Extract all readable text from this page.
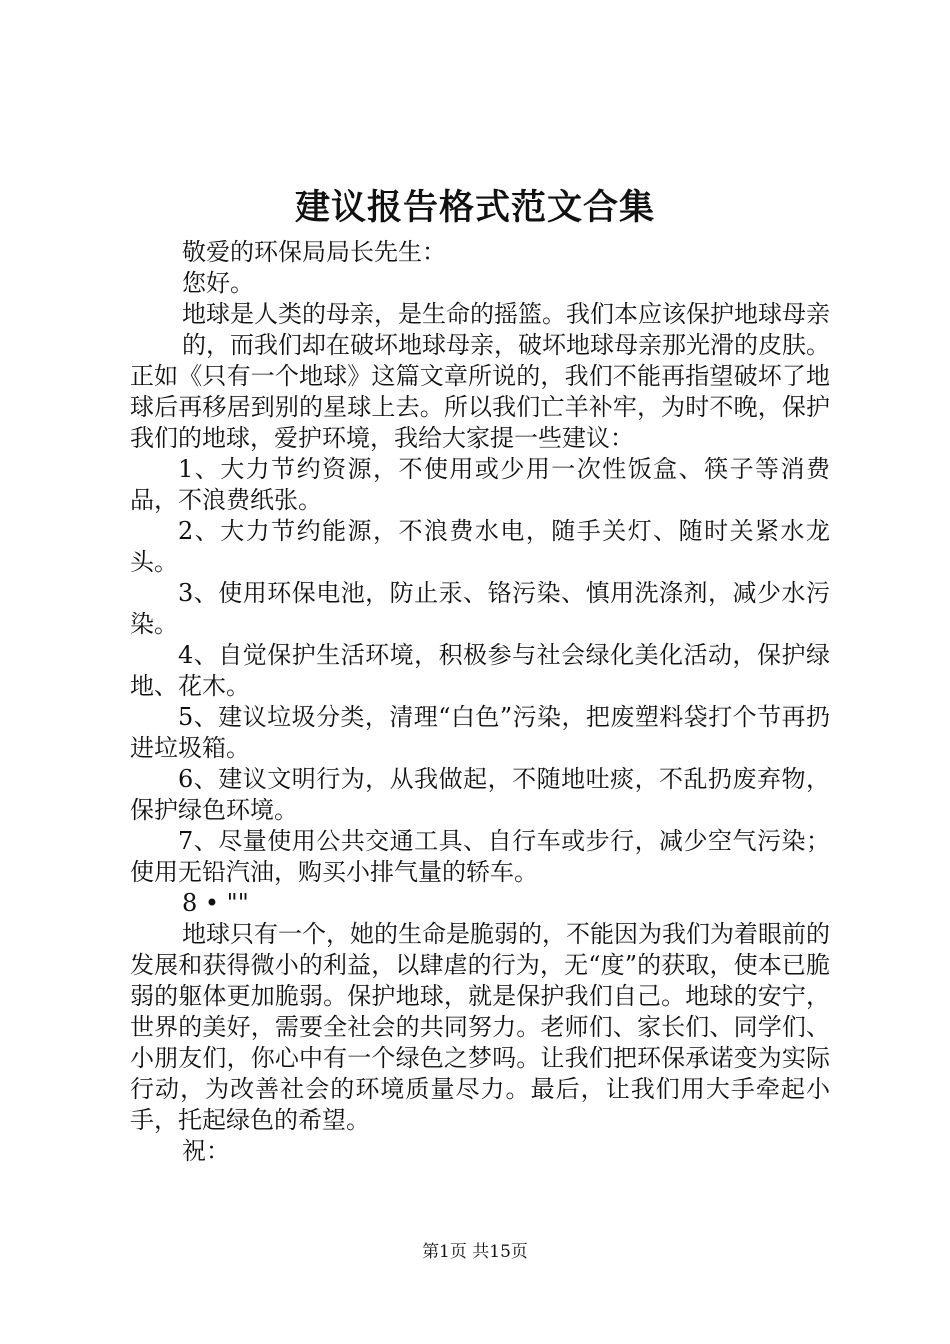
建议报告格式范文合集

敬爱的环保局局长先生：

您好。

地球是人类的母亲，是生命的摇篮。我们本应该保护地球母亲

的，而我们却在破坏地球母亲，破坏地球母亲那光滑的皮肤。正如《只有一个地球》这篇文章所说的，我们不能再指望破坏了地球后再移居到别的星球上去。所以我们亡羊补牢，为时不晚，保护我们的地球，爱护环境，我给大家提一些建议：

1、大力节约资源，不使用或少用一次性饭盒、筷子等消费品，不浪费纸张。

2、大力节约能源，不浪费水电，随手关灯、随时关紧水龙头。

3、使用环保电池，防止汞、铬污染、慎用洗涤剂，减少水污染。

4、自觉保护生活环境，积极参与社会绿化美化活动，保护绿地、花木。

5、建议垃圾分类，清理“白色”污染，把废塑料袋打个节再扔进垃圾箱。

6、建议文明行为，从我做起，不随地吐痰，不乱扔废弃物，保护绿色环境。

7、尽量使用公共交通工具、自行车或步行，减少空气污染；使用无铅汽油，购买小排气量的轿车。

8 • ""

地球只有一个，她的生命是脆弱的，不能因为我们为着眼前的发展和获得微小的利益，以肆虐的行为，无“度”的获取，使本已脆弱的躯体更加脆弱。保护地球，就是保护我们自己。地球的安宁，世界的美好，需要全社会的共同努力。老师们、家长们、同学们、小朋友们，你心中有一个绿色之梦吗。让我们把环保承诺变为实际行动，为改善社会的环境质量尽力。最后，让我们用大手牵起小手，托起绿色的希望。

祝：

第1页 共15页
